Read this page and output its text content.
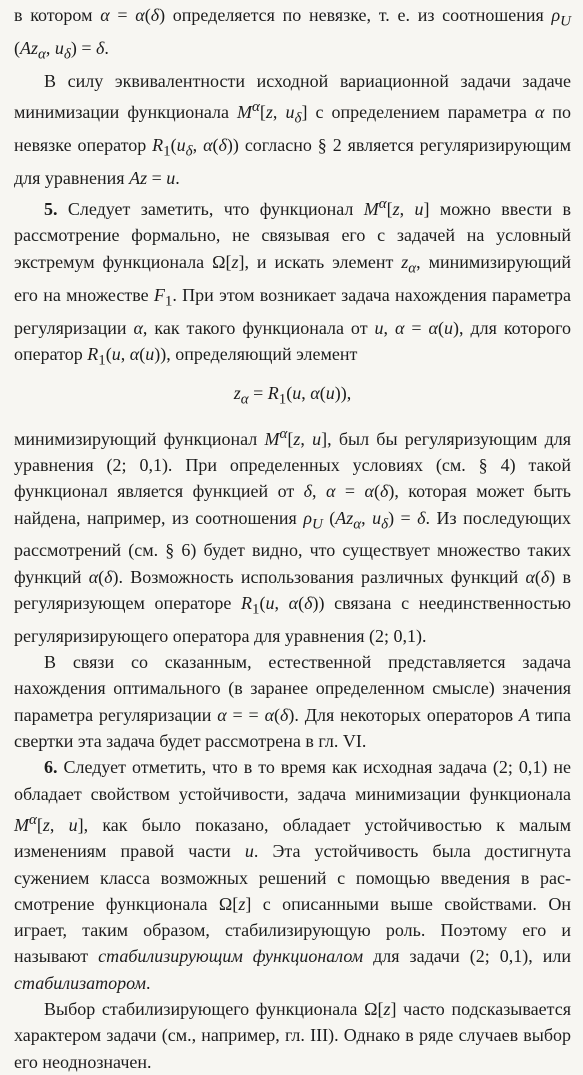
в котором α = α(δ) определяется по невязке, т. е. из соотношения $\rho_U$ ($Az_\alpha$, $u_\delta) = \delta$.

В силу эквивалентности исходной вариационной задачи задаче минимизации функционала $M^\alpha[z$, $u_\delta$] с определением параметра α по невязке оператор $R_1(u_\delta$, α(δ)) согласно § 2 является регуляризирующим для уравнения Az = u.

5. Следует заметить, что функционал $M^\alpha[z$, u] можно ввести в рассмотрение формально, не связывая его с задачей на условный экстремум функционала Ω[z], и искать элемент $z_\alpha$, минимизирующий его на множестве $F_1$. При этом возникает задача нахождения параметра регуляризации α, как такого функционала от u, α = α(u), для которого оператор $R_1(u$, α(u)), определяющий элемент

$z_\alpha = R_1(u$, α(u)),

минимизирующий функционал $M^\alpha[z$, u], был бы регуляризующим для уравнения (2; 0,1). При определенных условиях (см. § 4) такой функционал является функцией от δ, α = α(δ), которая может быть найдена, например, из соотношения $\rho_U$ ($Az_\alpha$, $u_\delta) = \delta$. Из последующих рассмотрений (см. § 6) будет видно, что существует множество таких функций α(δ). Возможность использования различных функций α(δ) в регуляризующем операторе $R_1(u$, α(δ)) связана с неединственностью регуляризирующего оператора для уравнения (2; 0,1).

В связи со сказанным, естественной представляется задача нахождения оптимального (в заранее определенном смысле) значения параметра регуляризации α = = α(δ). Для некоторых операторов A типа свертки эта задача будет рассмотрена в гл. VI.

6. Следует отметить, что в то время как исходная задача (2; 0,1) не обладает свойством устойчивости, задача минимизации функционала $M^\alpha[z$, u], как было показано, обладает устойчивостью к малым изменениям правой части u. Эта устойчивость была достигнута сужением класса возможных решений с помощью введения в рассмотрение функционала Ω[z] с описанными выше свойствами. Он играет, таким образом, стабилизирующую роль. Поэтому его и называют стабилизирующим функционалом для задачи (2; 0,1), или стабилизатором.

Выбор стабилизирующего функционала Ω[z] часто подсказывается характером задачи (см., например, гл. III). Однако в ряде случаев выбор его неоднозначен.
